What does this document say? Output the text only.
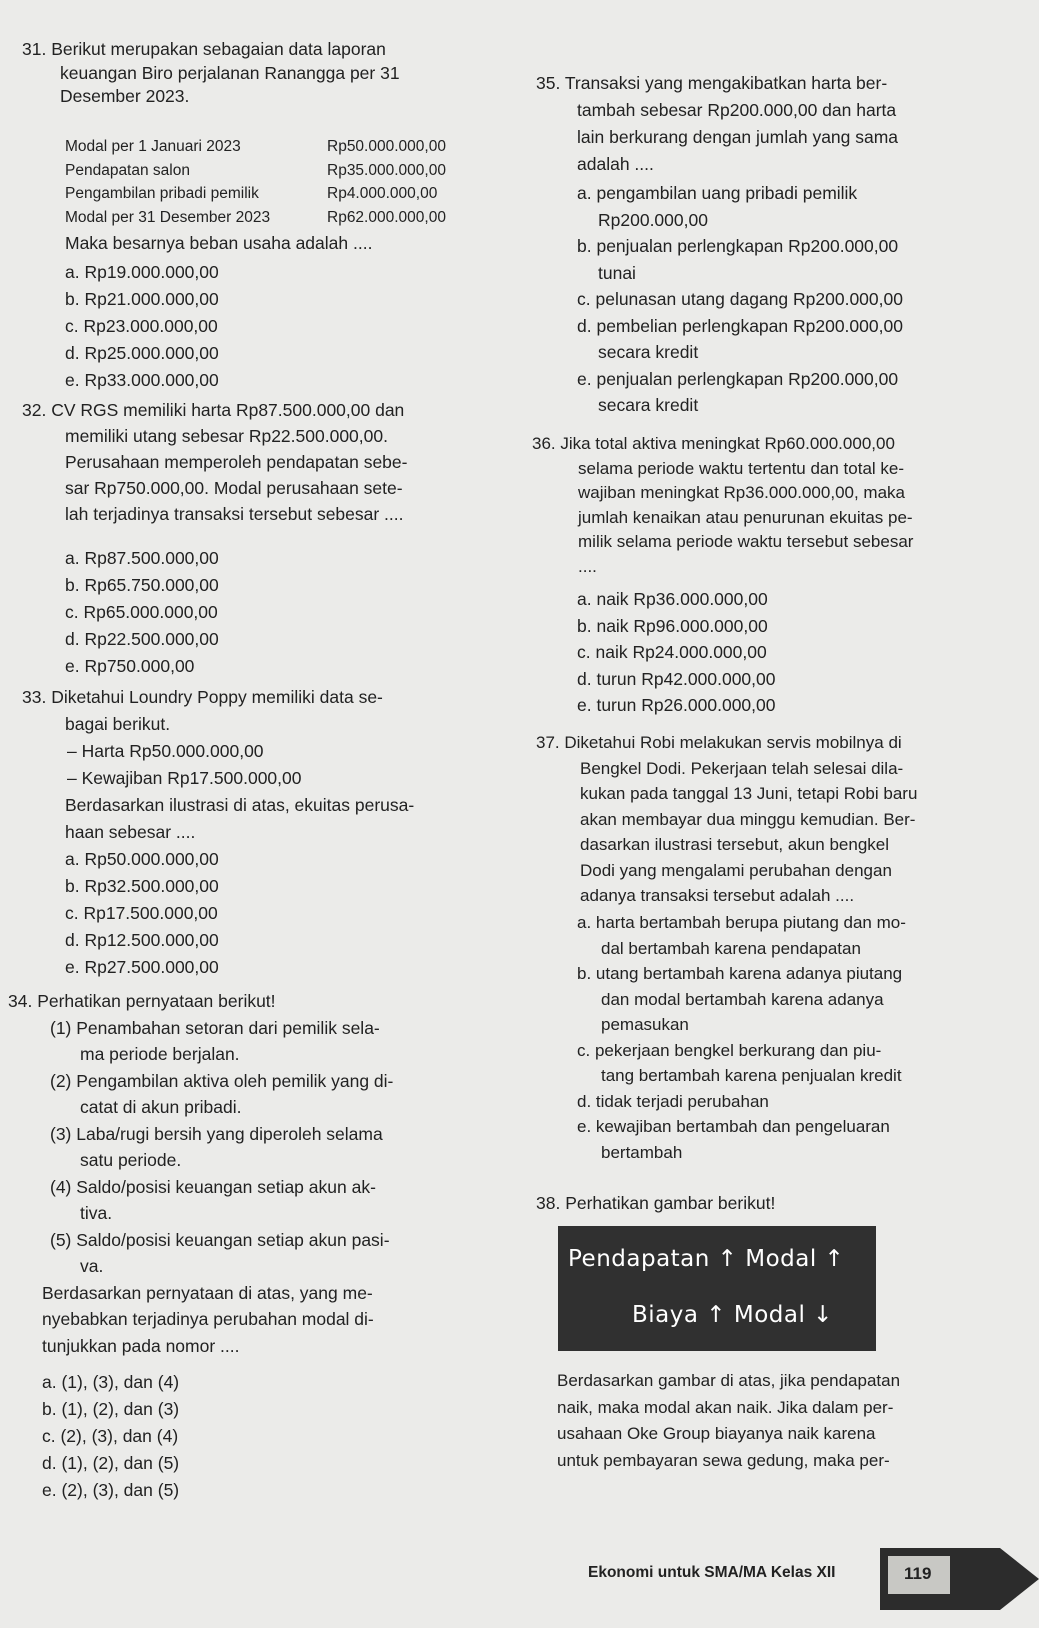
31. Berikut merupakan sebagaian data laporan
keuangan Biro perjalanan Ranangga per 31
Desember 2023.
Modal per 1 Januari 2023	Rp50.000.000,00
Pendapatan salon	Rp35.000.000,00
Pengambilan pribadi pemilik	Rp4.000.000,00
Modal per 31 Desember 2023	Rp62.000.000,00
Maka besarnya beban usaha adalah ....
a. Rp19.000.000,00
b. Rp21.000.000,00
c. Rp23.000.000,00
d. Rp25.000.000,00
e. Rp33.000.000,00
32. CV RGS memiliki harta Rp87.500.000,00 dan
memiliki utang sebesar Rp22.500.000,00.
Perusahaan memperoleh pendapatan sebe-
sar Rp750.000,00. Modal perusahaan sete-
lah terjadinya transaksi tersebut sebesar ....
a. Rp87.500.000,00
b. Rp65.750.000,00
c. Rp65.000.000,00
d. Rp22.500.000,00
e. Rp750.000,00
33. Diketahui Loundry Poppy memiliki data se-
bagai berikut.
– Harta Rp50.000.000,00
– Kewajiban Rp17.500.000,00
Berdasarkan ilustrasi di atas, ekuitas perusa-
haan sebesar ....
a. Rp50.000.000,00
b. Rp32.500.000,00
c. Rp17.500.000,00
d. Rp12.500.000,00
e. Rp27.500.000,00
34. Perhatikan pernyataan berikut!
(1) Penambahan setoran dari pemilik sela-
ma periode berjalan.
(2) Pengambilan aktiva oleh pemilik yang di-
catat di akun pribadi.
(3) Laba/rugi bersih yang diperoleh selama
satu periode.
(4) Saldo/posisi keuangan setiap akun ak-
tiva.
(5) Saldo/posisi keuangan setiap akun pasi-
va.
Berdasarkan pernyataan di atas, yang me-
nyebabkan terjadinya perubahan modal di-
tunjukkan pada nomor ....
a. (1), (3), dan (4)
b. (1), (2), dan (3)
c. (2), (3), dan (4)
d. (1), (2), dan (5)
e. (2), (3), dan (5)
35. Transaksi yang mengakibatkan harta ber-
tambah sebesar Rp200.000,00 dan harta
lain berkurang dengan jumlah yang sama
adalah ....
a. pengambilan uang pribadi pemilik
Rp200.000,00
b. penjualan perlengkapan Rp200.000,00
tunai
c. pelunasan utang dagang Rp200.000,00
d. pembelian perlengkapan Rp200.000,00
secara kredit
e. penjualan perlengkapan Rp200.000,00
secara kredit
36. Jika total aktiva meningkat Rp60.000.000,00
selama periode waktu tertentu dan total ke-
wajiban meningkat Rp36.000.000,00, maka
jumlah kenaikan atau penurunan ekuitas pe-
milik selama periode waktu tersebut sebesar
....
a. naik Rp36.000.000,00
b. naik Rp96.000.000,00
c. naik Rp24.000.000,00
d. turun Rp42.000.000,00
e. turun Rp26.000.000,00
37. Diketahui Robi melakukan servis mobilnya di
Bengkel Dodi. Pekerjaan telah selesai dila-
kukan pada tanggal 13 Juni, tetapi Robi baru
akan membayar dua minggu kemudian. Ber-
dasarkan ilustrasi tersebut, akun bengkel
Dodi yang mengalami perubahan dengan
adanya transaksi tersebut adalah ....
a. harta bertambah berupa piutang dan mo-
dal bertambah karena pendapatan
b. utang bertambah karena adanya piutang
dan modal bertambah karena adanya
pemasukan
c. pekerjaan bengkel berkurang dan piu-
tang bertambah karena penjualan kredit
d. tidak terjadi perubahan
e. kewajiban bertambah dan pengeluaran
bertambah
38. Perhatikan gambar berikut!
Berdasarkan gambar di atas, jika pendapatan
naik, maka modal akan naik. Jika dalam per-
usahaan Oke Group biayanya naik karena
untuk pembayaran sewa gedung, maka per-
Pendapatan ↑ Modal ↑
Biaya ↑ Modal ↓
Ekonomi untuk SMA/MA Kelas XII	119
